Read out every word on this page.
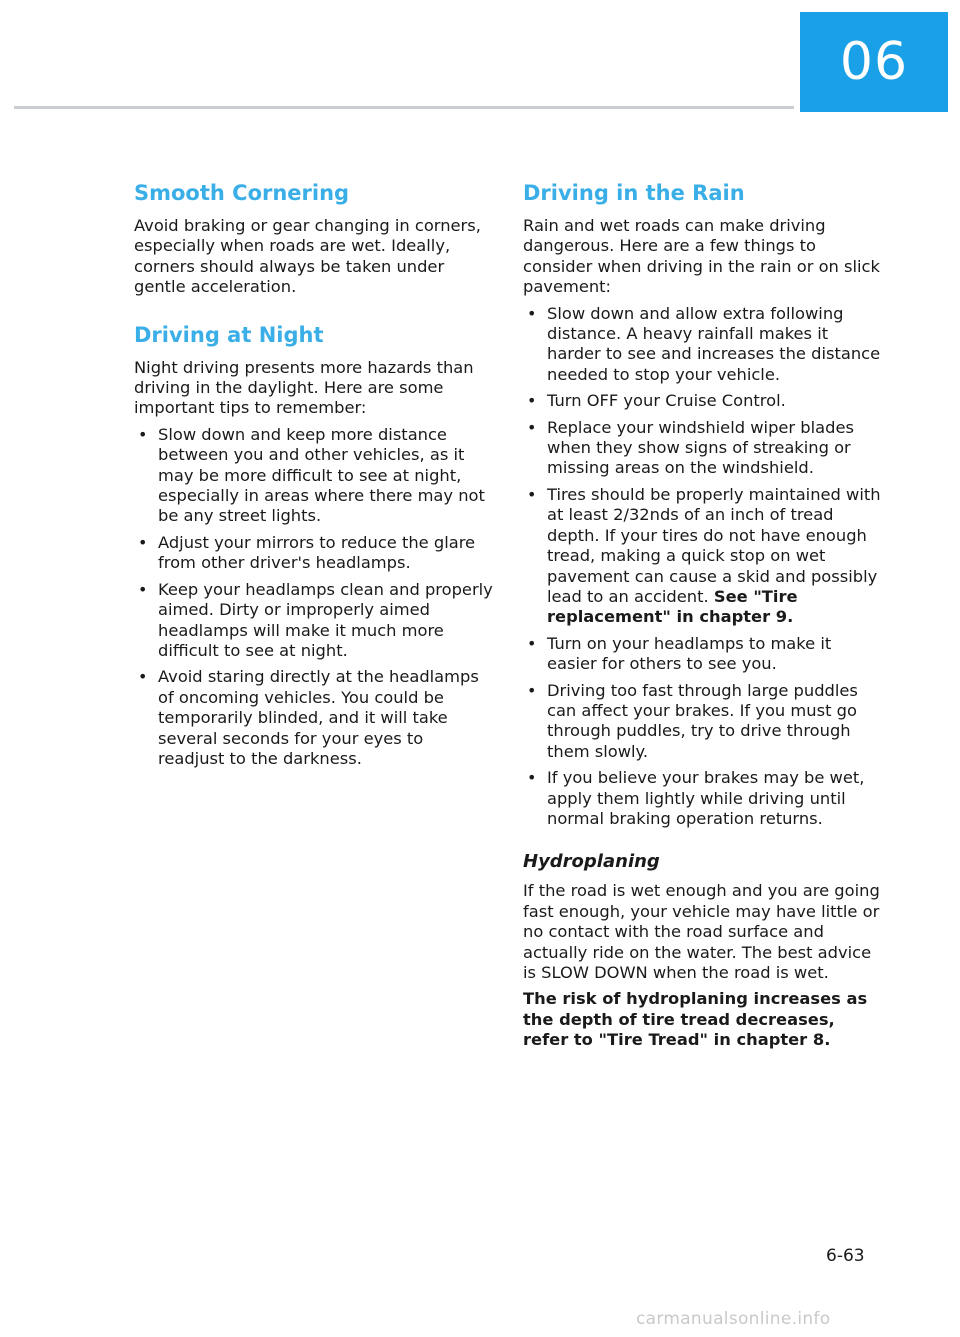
06
Smooth Cornering

Avoid braking or gear changing in corners, especially when roads are wet. Ideally, corners should always be taken under gentle acceleration.

Driving at Night

Night driving presents more hazards than driving in the daylight. Here are some important tips to remember:

• Slow down and keep more distance between you and other vehicles, as it may be more difficult to see at night, especially in areas where there may not be any street lights.
• Adjust your mirrors to reduce the glare from other driver's headlamps.
• Keep your headlamps clean and properly aimed. Dirty or improperly aimed headlamps will make it much more difficult to see at night.
• Avoid staring directly at the headlamps of oncoming vehicles. You could be temporarily blinded, and it will take several seconds for your eyes to readjust to the darkness.
Driving in the Rain

Rain and wet roads can make driving dangerous. Here are a few things to consider when driving in the rain or on slick pavement:

• Slow down and allow extra following distance. A heavy rainfall makes it harder to see and increases the distance needed to stop your vehicle.
• Turn OFF your Cruise Control.
• Replace your windshield wiper blades when they show signs of streaking or missing areas on the windshield.
• Tires should be properly maintained with at least 2/32nds of an inch of tread depth. If your tires do not have enough tread, making a quick stop on wet pavement can cause a skid and possibly lead to an accident. See "Tire replacement" in chapter 9.
• Turn on your headlamps to make it easier for others to see you.
• Driving too fast through large puddles can affect your brakes. If you must go through puddles, try to drive through them slowly.
• If you believe your brakes may be wet, apply them lightly while driving until normal braking operation returns.
Hydroplaning

If the road is wet enough and you are going fast enough, your vehicle may have little or no contact with the road surface and actually ride on the water. The best advice is SLOW DOWN when the road is wet.

The risk of hydroplaning increases as the depth of tire tread decreases, refer to "Tire Tread" in chapter 8.

6-63
carmanualsonline.info
